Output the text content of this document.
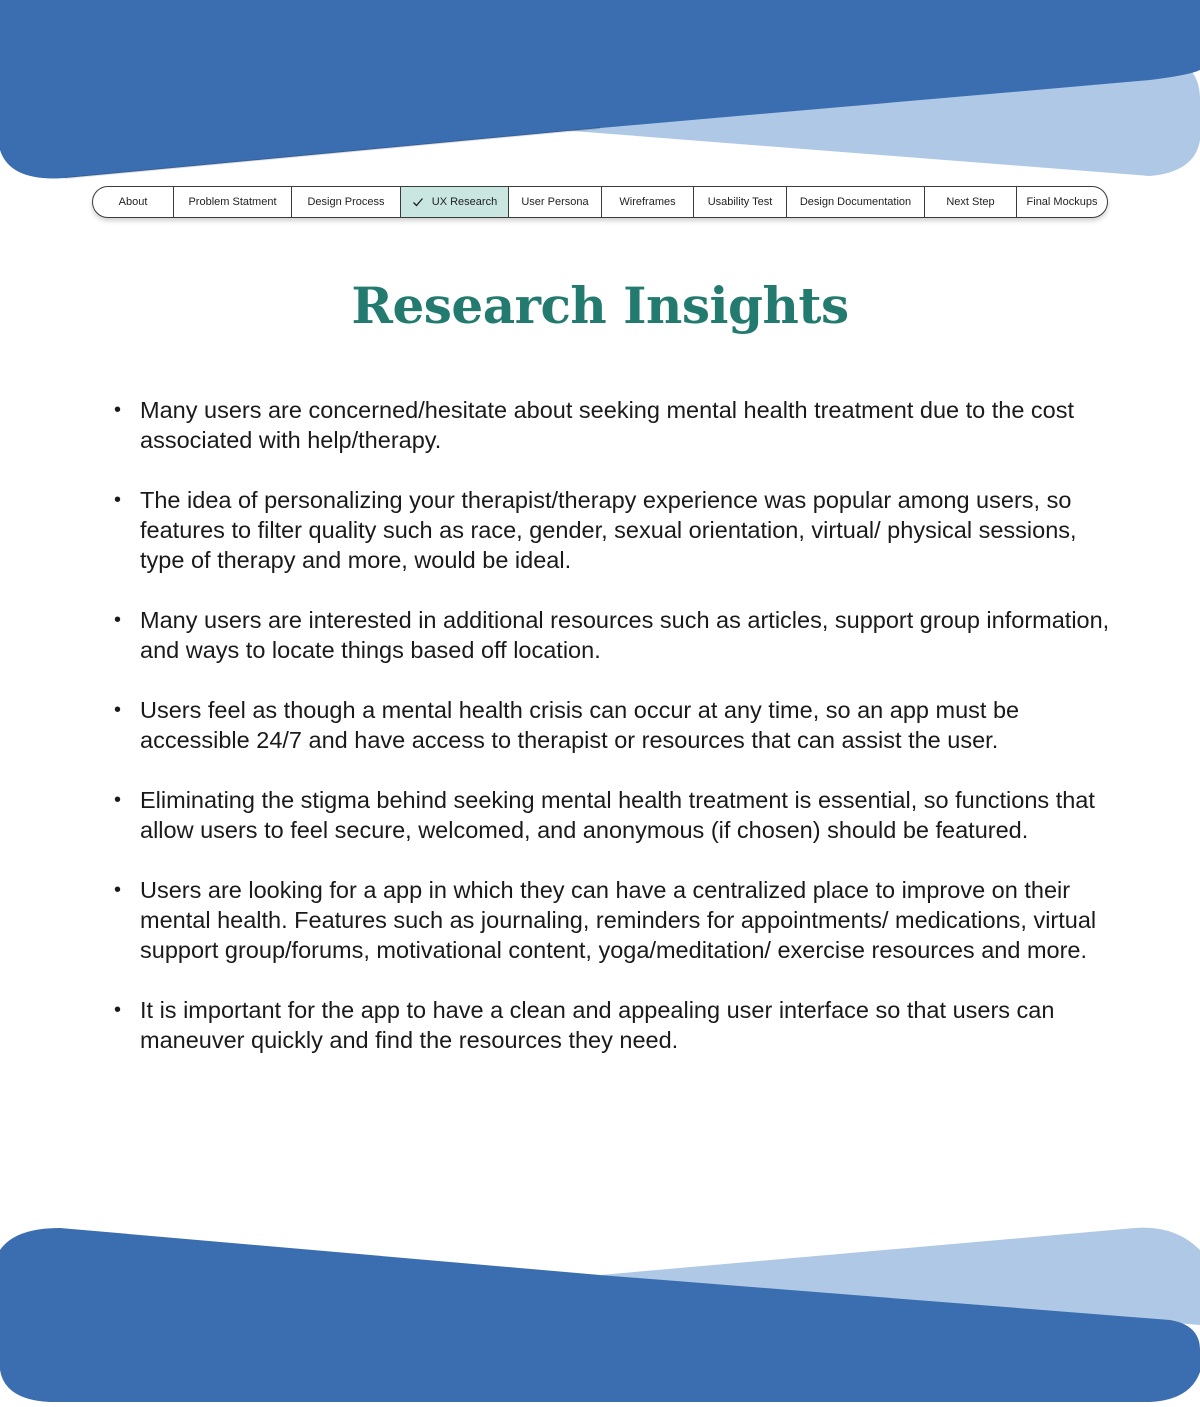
About	Problem Statment	Design Process	UX Research User Persona	Wireframes	Usability Test	Design Documentation	Next Step	Final Mockups
Research Insights
• Many users are concerned/hesitate about seeking mental health treatment due to the cost associated with help/therapy.
• The idea of personalizing your therapist/therapy experience was popular among users, so features to filter quality such as race, gender, sexual orientation, virtual/ physical sessions, type of therapy and more, would be ideal.
• Many users are interested in additional resources such as articles, support group information, and ways to locate things based off location.
• Users feel as though a mental health crisis can occur at any time, so an app must be accessible 24/7 and have access to therapist or resources that can assist the user.
• Eliminating the stigma behind seeking mental health treatment is essential, so functions that allow users to feel secure, welcomed, and anonymous (if chosen) should be featured.
• Users are looking for a app in which they can have a centralized place to improve on their mental health. Features such as journaling, reminders for appointments/ medications, virtual support group/forums, motivational content, yoga/meditation/ exercise resources and more.
• It is important for the app to have a clean and appealing user interface so that users can maneuver quickly and find the resources they need.
